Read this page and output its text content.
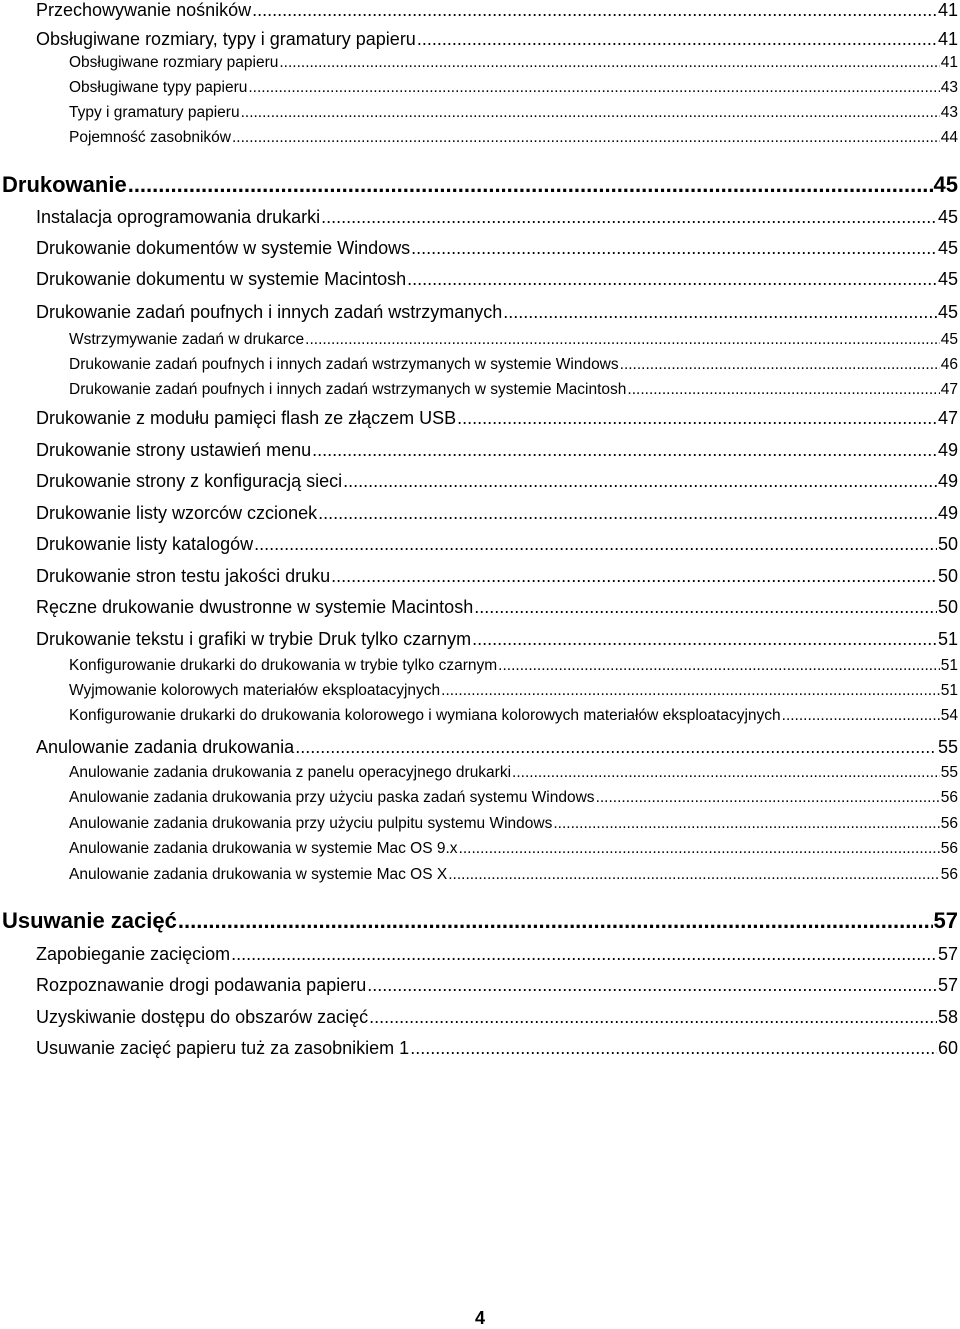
Przechowywanie nośników .....	41
Obsługiwane rozmiary, typy i gramatury papieru .....	41
Obsługiwane rozmiary papieru .....	41
Obsługiwane typy papieru .....	43
Typy i gramatury papieru .....	43
Pojemność zasobników .....	44
Drukowanie .....	45
Instalacja oprogramowania drukarki .....	45
Drukowanie dokumentów w systemie Windows .....	45
Drukowanie dokumentu w systemie Macintosh .....	45
Drukowanie zadań poufnych i innych zadań wstrzymanych .....	45
Wstrzymywanie zadań w drukarce .....	45
Drukowanie zadań poufnych i innych zadań wstrzymanych w systemie Windows .....	46
Drukowanie zadań poufnych i innych zadań wstrzymanych w systemie Macintosh .....	47
Drukowanie z modułu pamięci flash ze złączem USB .....	47
Drukowanie strony ustawień menu .....	49
Drukowanie strony z konfiguracją sieci .....	49
Drukowanie listy wzorców czcionek .....	49
Drukowanie listy katalogów .....	50
Drukowanie stron testu jakości druku .....	50
Ręczne drukowanie dwustronne w systemie Macintosh .....	50
Drukowanie tekstu i grafiki w trybie Druk tylko czarnym .....	51
Konfigurowanie drukarki do drukowania w trybie tylko czarnym .....	51
Wyjmowanie kolorowych materiałów eksploatacyjnych .....	51
Konfigurowanie drukarki do drukowania kolorowego i wymiana kolorowych materiałów eksploatacyjnych .....	54
Anulowanie zadania drukowania .....	55
Anulowanie zadania drukowania z panelu operacyjnego drukarki .....	55
Anulowanie zadania drukowania przy użyciu paska zadań systemu Windows .....	56
Anulowanie zadania drukowania przy użyciu pulpitu systemu Windows .....	56
Anulowanie zadania drukowania w systemie Mac OS 9.x .....	56
Anulowanie zadania drukowania w systemie Mac OS X .....	56
Usuwanie zacięć .....	57
Zapobieganie zacięciom .....	57
Rozpoznawanie drogi podawania papieru .....	57
Uzyskiwanie dostępu do obszarów zacięć .....	58
Usuwanie zacięć papieru tuż za zasobnikiem 1 .....	60
4
